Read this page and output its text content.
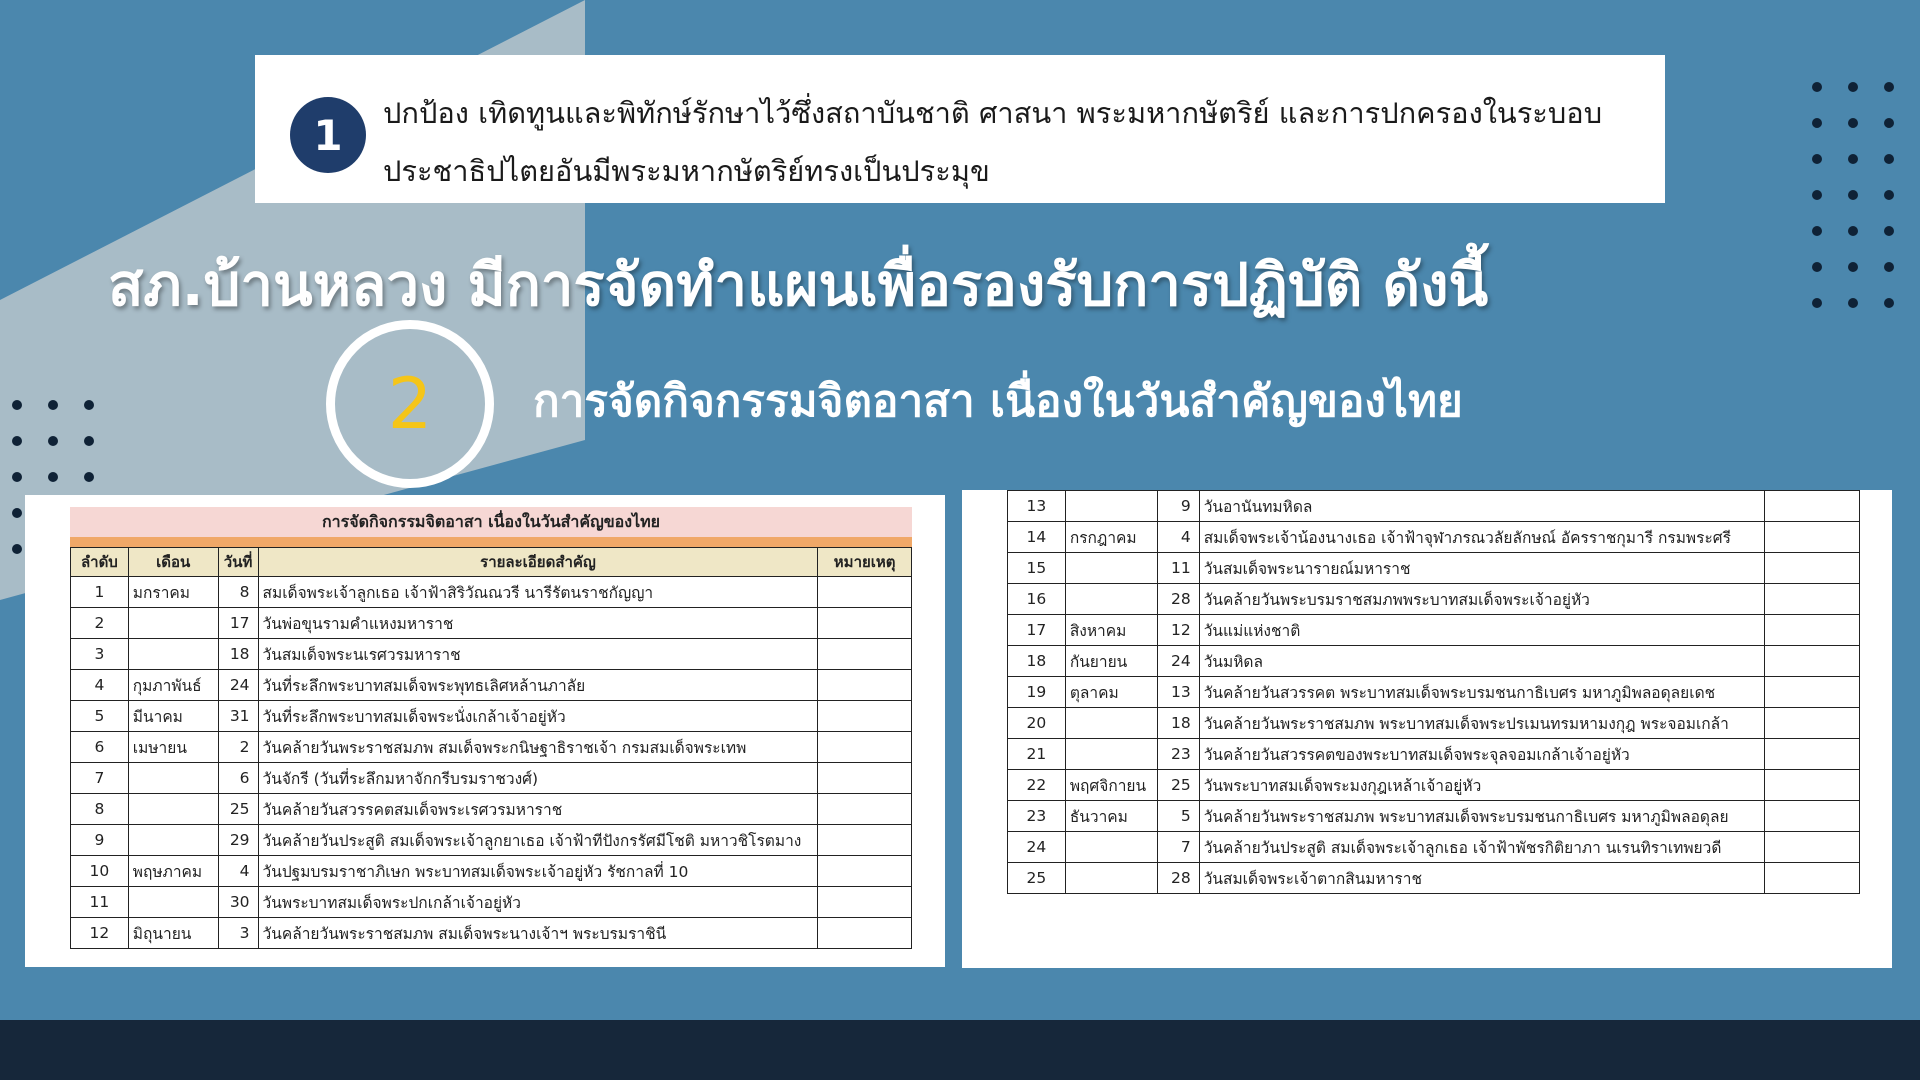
1	ปกป้อง เทิดทูนและพิทักษ์รักษาไว้ซึ่งสถาบันชาติ ศาสนา พระมหากษัตริย์ และการปกครองในระบอบ
ประชาธิปไตยอันมีพระมหากษัตริย์ทรงเป็นประมุข
สภ.บ้านหลวง มีการจัดทำแผนเพื่อรองรับการปฏิบัติ ดังนี้
2	การจัดกิจกรรมจิตอาสา เนื่องในวันสำคัญของไทย
การจัดกิจกรรมจิตอาสา เนื่องในวันสำคัญของไทย
ลำดับ	เดือน	วันที่	รายละเอียดสำคัญ	หมายเหตุ
1	มกราคม	8	สมเด็จพระเจ้าลูกเธอ เจ้าฟ้าสิริวัณณวรี นารีรัตนราชกัญญา	
2		17	วันพ่อขุนรามคำแหงมหาราช	
3		18	วันสมเด็จพระนเรศวรมหาราช	
4	กุมภาพันธ์	24	วันที่ระลึกพระบาทสมเด็จพระพุทธเลิศหล้านภาลัย	
5	มีนาคม	31	วันที่ระลึกพระบาทสมเด็จพระนั่งเกล้าเจ้าอยู่หัว	
6	เมษายน	2	วันคล้ายวันพระราชสมภพ สมเด็จพระกนิษฐาธิราชเจ้า กรมสมเด็จพระเทพ	
7		6	วันจักรี (วันที่ระลึกมหาจักกรีบรมราชวงศ์)	
8		25	วันคล้ายวันสวรรคตสมเด็จพระเรศวรมหาราช	
9		29	วันคล้ายวันประสูติ สมเด็จพระเจ้าลูกยาเธอ เจ้าฟ้าทีปังกรรัศมีโชติ มหาวชิโรตมาง	
10	พฤษภาคม	4	วันปฐมบรมราชาภิเษก พระบาทสมเด็จพระเจ้าอยู่หัว รัชกาลที่ 10	
11		30	วันพระบาทสมเด็จพระปกเกล้าเจ้าอยู่หัว	
12	มิถุนายน	3	วันคล้ายวันพระราชสมภพ สมเด็จพระนางเจ้าฯ พระบรมราชินี	
13		9	วันอานันทมหิดล	
14	กรกฎาคม	4	สมเด็จพระเจ้าน้องนางเธอ เจ้าฟ้าจุฬาภรณวลัยลักษณ์ อัครราชกุมารี กรมพระศรี	
15		11	วันสมเด็จพระนารายณ์มหาราช	
16		28	วันคล้ายวันพระบรมราชสมภพพระบาทสมเด็จพระเจ้าอยู่หัว	
17	สิงหาคม	12	วันแม่แห่งชาติ	
18	กันยายน	24	วันมหิดล	
19	ตุลาคม	13	วันคล้ายวันสวรรคต พระบาทสมเด็จพระบรมชนกาธิเบศร มหาภูมิพลอดุลยเดช	
20		18	วันคล้ายวันพระราชสมภพ พระบาทสมเด็จพระปรเมนทรมหามงกุฎ พระจอมเกล้า	
21		23	วันคล้ายวันสวรรคตของพระบาทสมเด็จพระจุลจอมเกล้าเจ้าอยู่หัว	
22	พฤศจิกายน	25	วันพระบาทสมเด็จพระมงกุฎเหล้าเจ้าอยู่หัว	
23	ธันวาคม	5	วันคล้ายวันพระราชสมภพ พระบาทสมเด็จพระบรมชนกาธิเบศร มหาภูมิพลอดุลย	
24		7	วันคล้ายวันประสูติ สมเด็จพระเจ้าลูกเธอ เจ้าฟ้าพัชรกิติยาภา นเรนทิราเทพยวดี	
25		28	วันสมเด็จพระเจ้าตากสินมหาราช	
